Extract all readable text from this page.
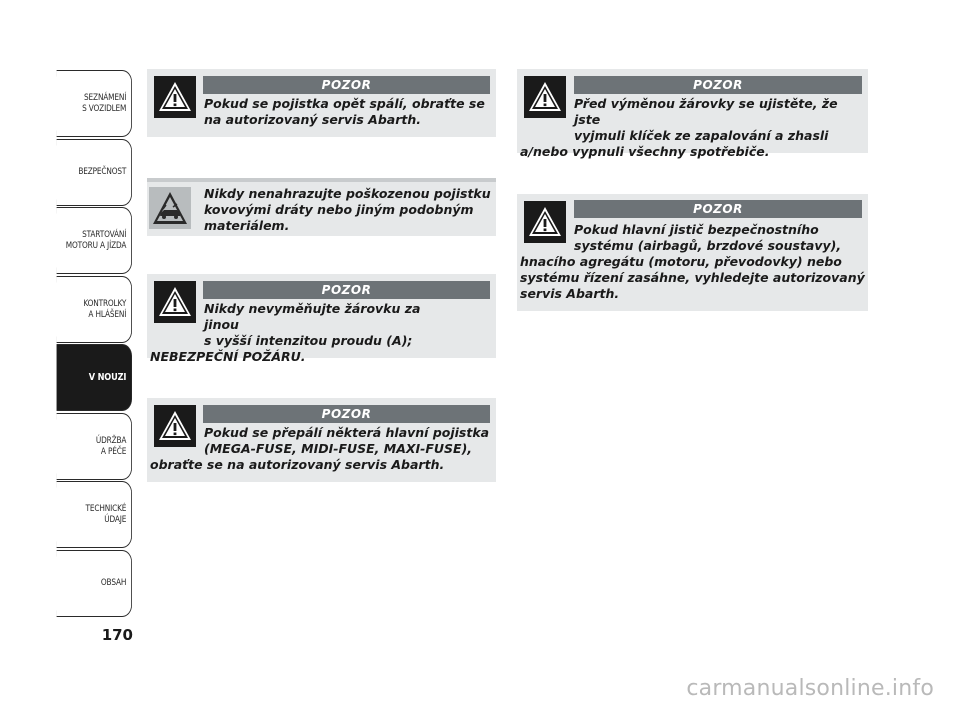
SEZNÁMENÍ
S VOZIDLEM
BEZPEČNOST
STARTOVÁNÍ
MOTORU A JÍZDA
KONTROLKY
A HLÁŠENÍ
V NOUZI
ÚDRŽBA
A PÉČE
TECHNICKÉ
ÚDAJE
OBSAH
170
POZOR

Pokud se pojistka opět spálí, obraťte se
na autorizovaný servis Abarth.

Nikdy nenahrazujte poškozenou pojistku
kovovými dráty nebo jiným podobným
materiálem.

POZOR

Nikdy nevyměňujte žárovku za jinou
s vyšší intenzitou proudu (A);
NEBEZPEČNÍ POŽÁRU.

POZOR

Pokud se přepálí některá hlavní pojistka
(MEGA-FUSE, MIDI-FUSE, MAXI-FUSE),
obraťte se na autorizovaný servis Abarth.

POZOR

Před výměnou žárovky se ujistěte, že jste
vyjmuli klíček ze zapalování a zhasli
a/nebo vypnuli všechny spotřebiče.

POZOR

Pokud hlavní jistič bezpečnostního
systému (airbagů, brzdové soustavy),
hnacího agregátu (motoru, převodovky) nebo
systému řízení zasáhne, vyhledejte autorizovaný
servis Abarth.

carmanualsonline.info
